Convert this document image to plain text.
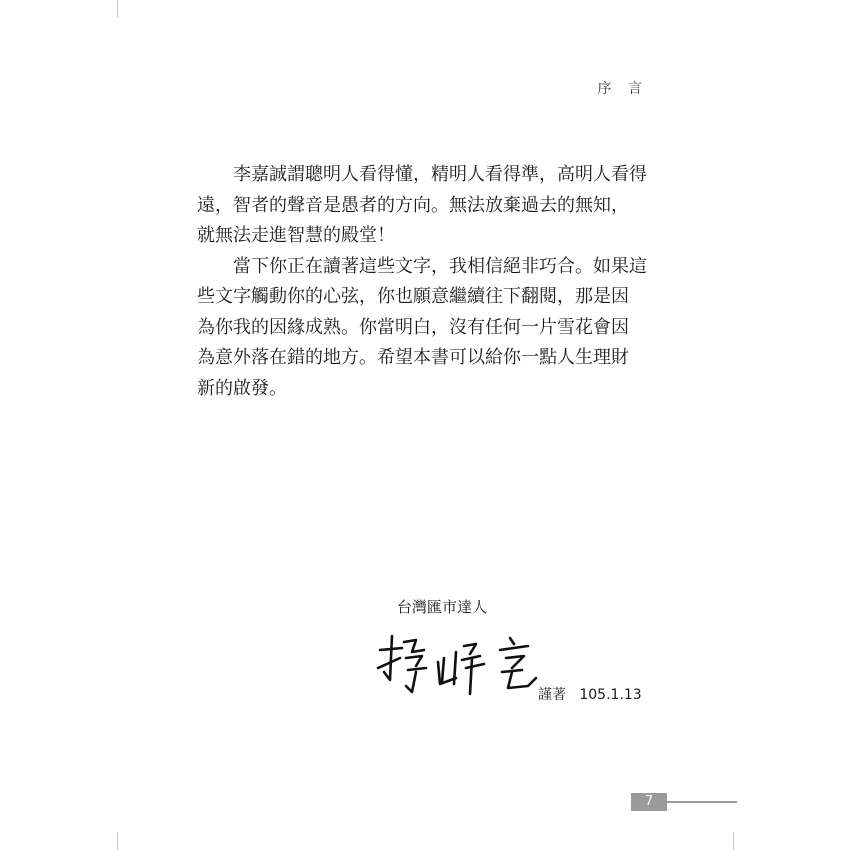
序 言

　　李嘉誠謂聰明人看得懂，精明人看得準，高明人看得

遠，智者的聲音是愚者的方向。無法放棄過去的無知，

就無法走進智慧的殿堂！

　　當下你正在讀著這些文字，我相信絕非巧合。如果這

些文字觸動你的心弦，你也願意繼續往下翻閱，那是因

為你我的因緣成熟。你當明白，沒有任何一片雪花會因

為意外落在錯的地方。希望本書可以給你一點人生理財

新的啟發。

台灣匯市達人
謹著 105.1.13
7
